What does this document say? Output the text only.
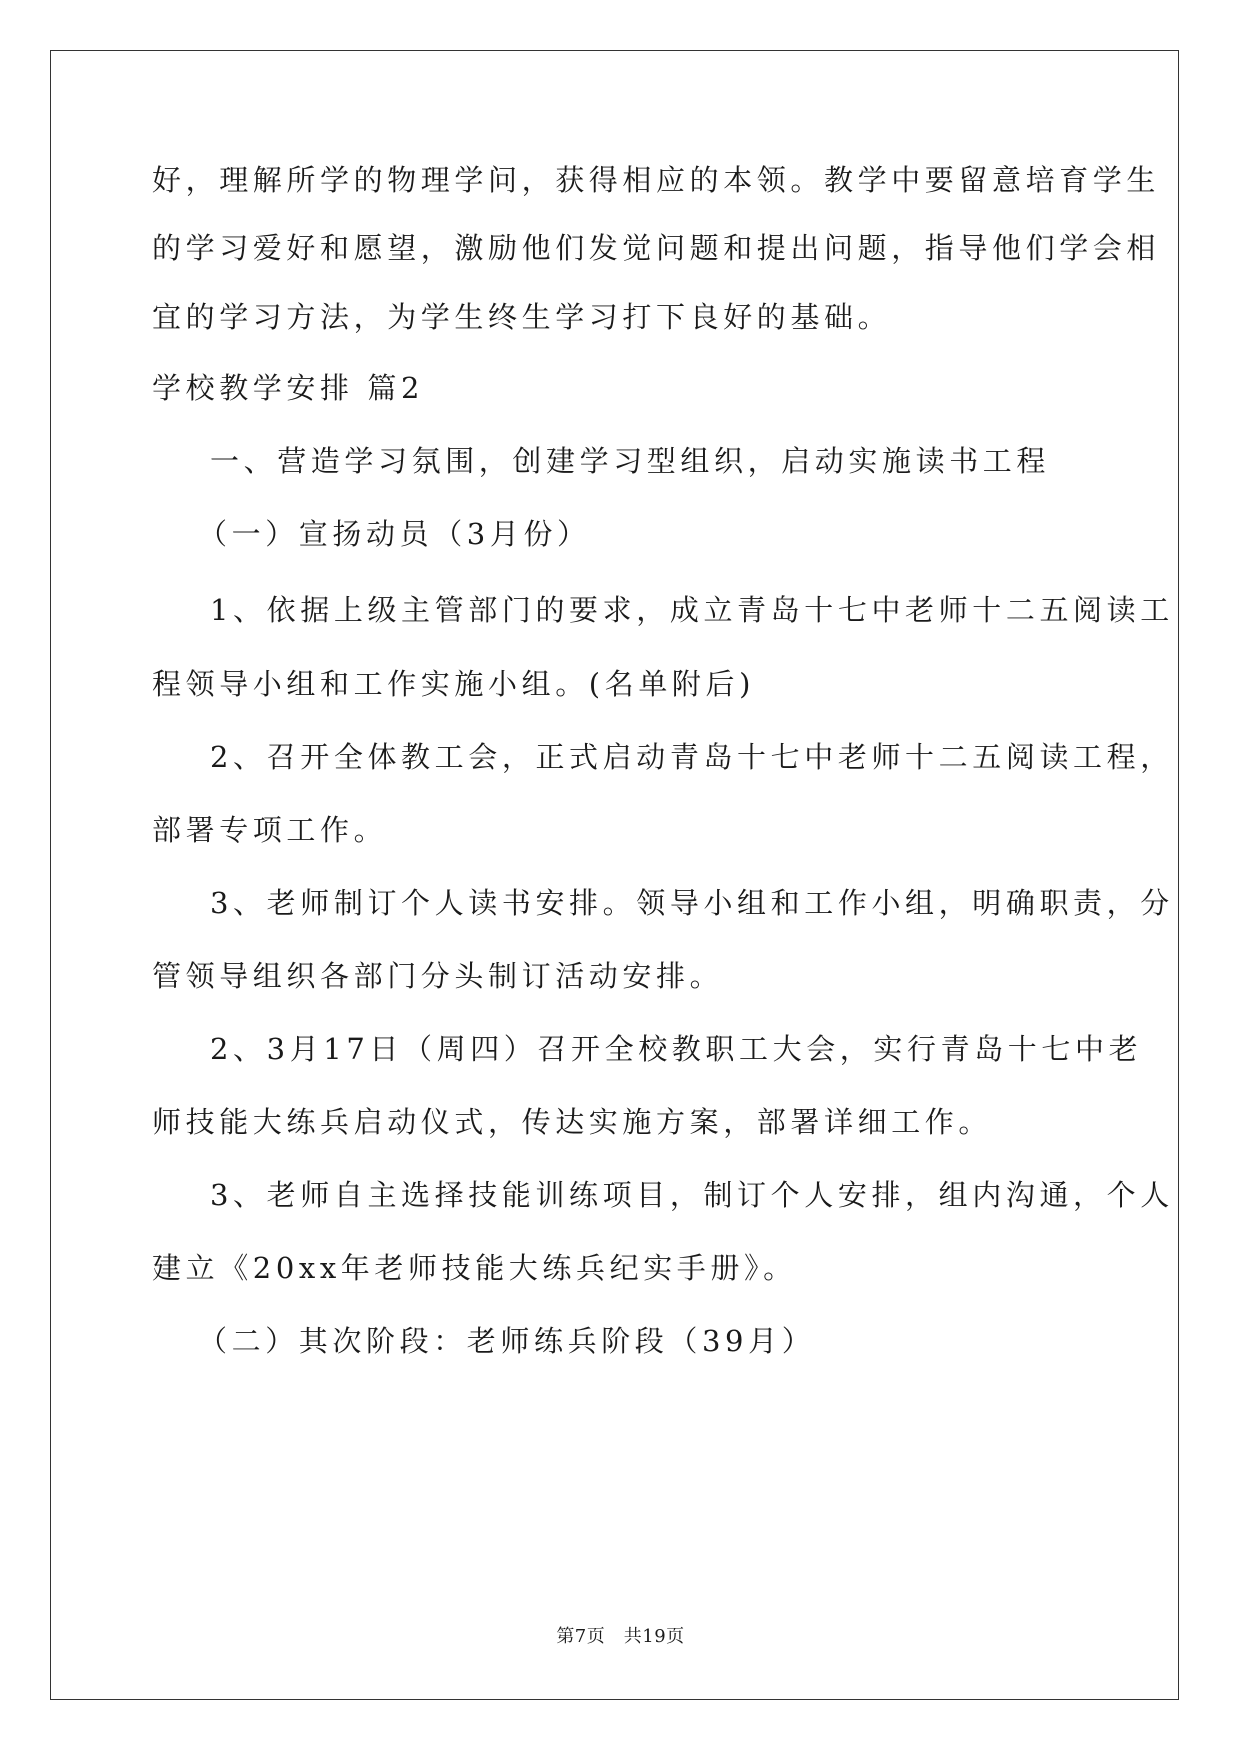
好，理解所学的物理学问，获得相应的本领。教学中要留意培育学生
的学习爱好和愿望，激励他们发觉问题和提出问题，指导他们学会相
宜的学习方法，为学生终生学习打下良好的基础。
学校教学安排 篇2
一、营造学习氛围，创建学习型组织，启动实施读书工程
（一）宣扬动员（3月份）
1、依据上级主管部门的要求，成立青岛十七中老师十二五阅读工
程领导小组和工作实施小组。(名单附后)
2、召开全体教工会，正式启动青岛十七中老师十二五阅读工程，
部署专项工作。
3、老师制订个人读书安排。领导小组和工作小组，明确职责，分
管领导组织各部门分头制订活动安排。
2、3月17日（周四）召开全校教职工大会，实行青岛十七中老
师技能大练兵启动仪式，传达实施方案，部署详细工作。
3、老师自主选择技能训练项目，制订个人安排，组内沟通，个人
建立《20xx年老师技能大练兵纪实手册》。
（二）其次阶段：老师练兵阶段（39月）
第7页　共19页
